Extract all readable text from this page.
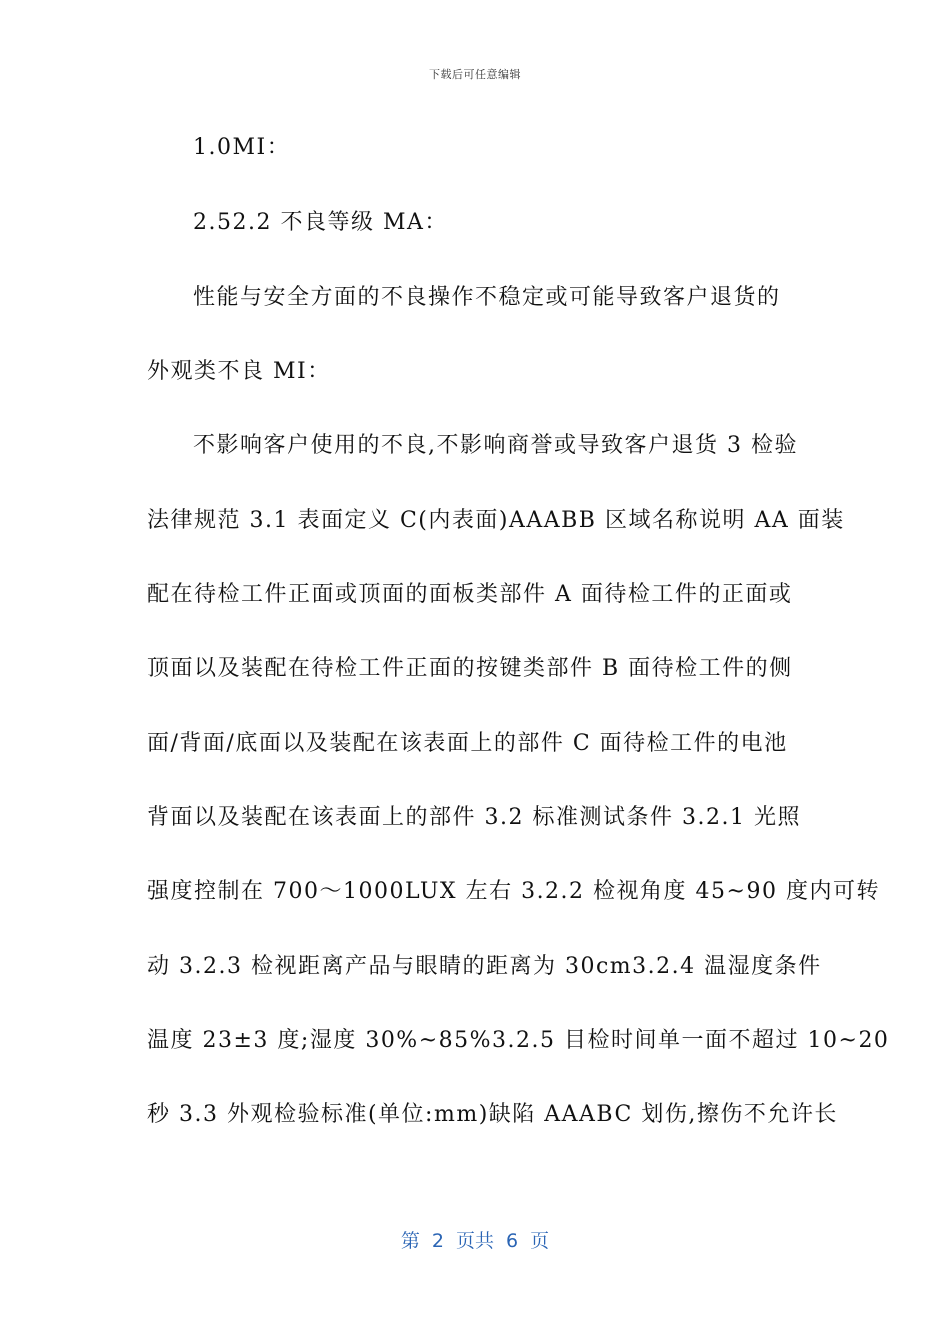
下载后可任意编辑
1.0MI：
2.52.2 不良等级 MA：
性能与安全方面的不良操作不稳定或可能导致客户退货的
外观类不良 MI：
不影响客户使用的不良,不影响商誉或导致客户退货 3 检验
法律规范 3.1 表面定义 C(内表面)AAABB 区域名称说明 AA 面装
配在待检工件正面或顶面的面板类部件 A 面待检工件的正面或
顶面以及装配在待检工件正面的按键类部件 B 面待检工件的侧
面/背面/底面以及装配在该表面上的部件 C 面待检工件的电池
背面以及装配在该表面上的部件 3.2 标准测试条件 3.2.1 光照
强度控制在 700～1000LUX 左右 3.2.2 检视角度 45~90 度内可转
动 3.2.3 检视距离产品与眼睛的距离为 30cm3.2.4 温湿度条件
温度 23±3 度;湿度 30%~85%3.2.5 目检时间单一面不超过 10~20
秒 3.3 外观检验标准(单位:mm)缺陷 AAABC 划伤,擦伤不允许长
第 2 页共 6 页
